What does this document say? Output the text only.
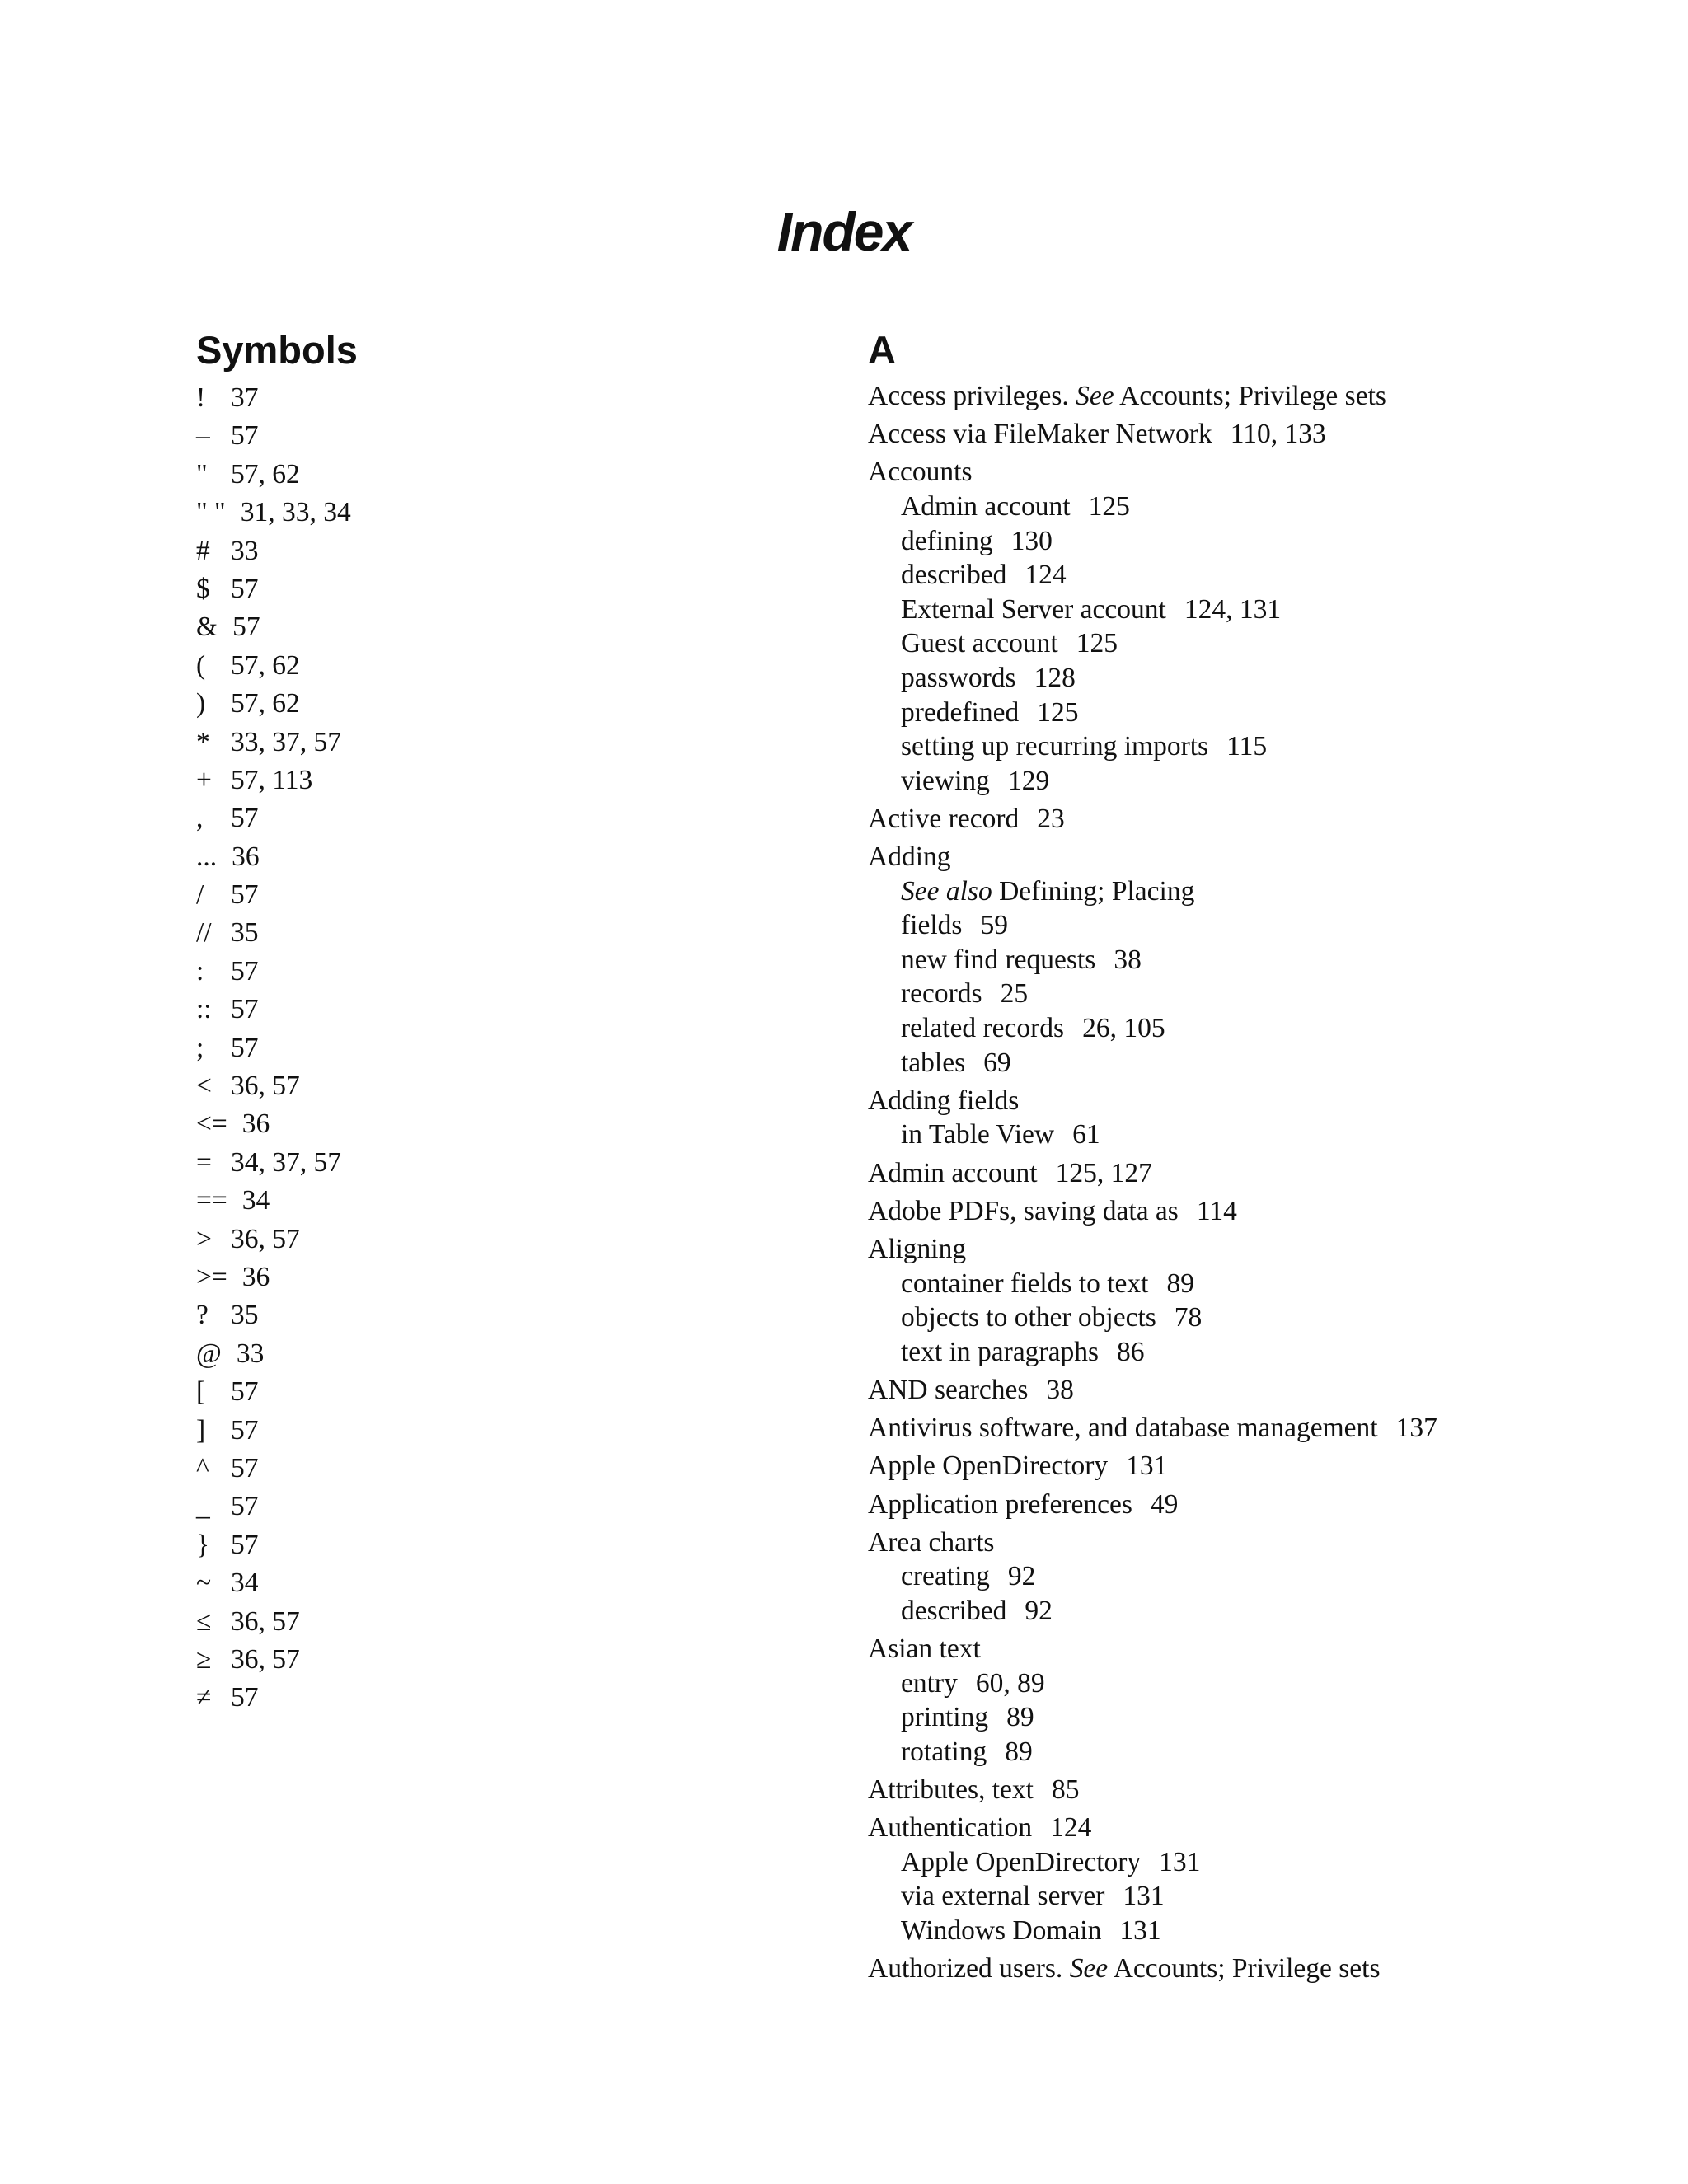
Index
Symbols
! 37
– 57
" 57, 62
" " 31, 33, 34
# 33
$ 57
& 57
( 57, 62
) 57, 62
* 33, 37, 57
+ 57, 113
, 57
... 36
/ 57
// 35
: 57
:: 57
; 57
< 36, 57
<= 36
= 34, 37, 57
== 34
> 36, 57
>= 36
? 35
@ 33
[ 57
] 57
^ 57
_ 57
} 57
~ 34
≤ 36, 57
≥ 36, 57
≠ 57
A
Access privileges. See Accounts; Privilege sets
Access via FileMaker Network 110, 133
Accounts
Admin account 125
defining 130
described 124
External Server account 124, 131
Guest account 125
passwords 128
predefined 125
setting up recurring imports 115
viewing 129
Active record 23
Adding
See also Defining; Placing
fields 59
new find requests 38
records 25
related records 26, 105
tables 69
Adding fields
in Table View 61
Admin account 125, 127
Adobe PDFs, saving data as 114
Aligning
container fields to text 89
objects to other objects 78
text in paragraphs 86
AND searches 38
Antivirus software, and database management 137
Apple OpenDirectory 131
Application preferences 49
Area charts
creating 92
described 92
Asian text
entry 60, 89
printing 89
rotating 89
Attributes, text 85
Authentication 124
Apple OpenDirectory 131
via external server 131
Windows Domain 131
Authorized users. See Accounts; Privilege sets
